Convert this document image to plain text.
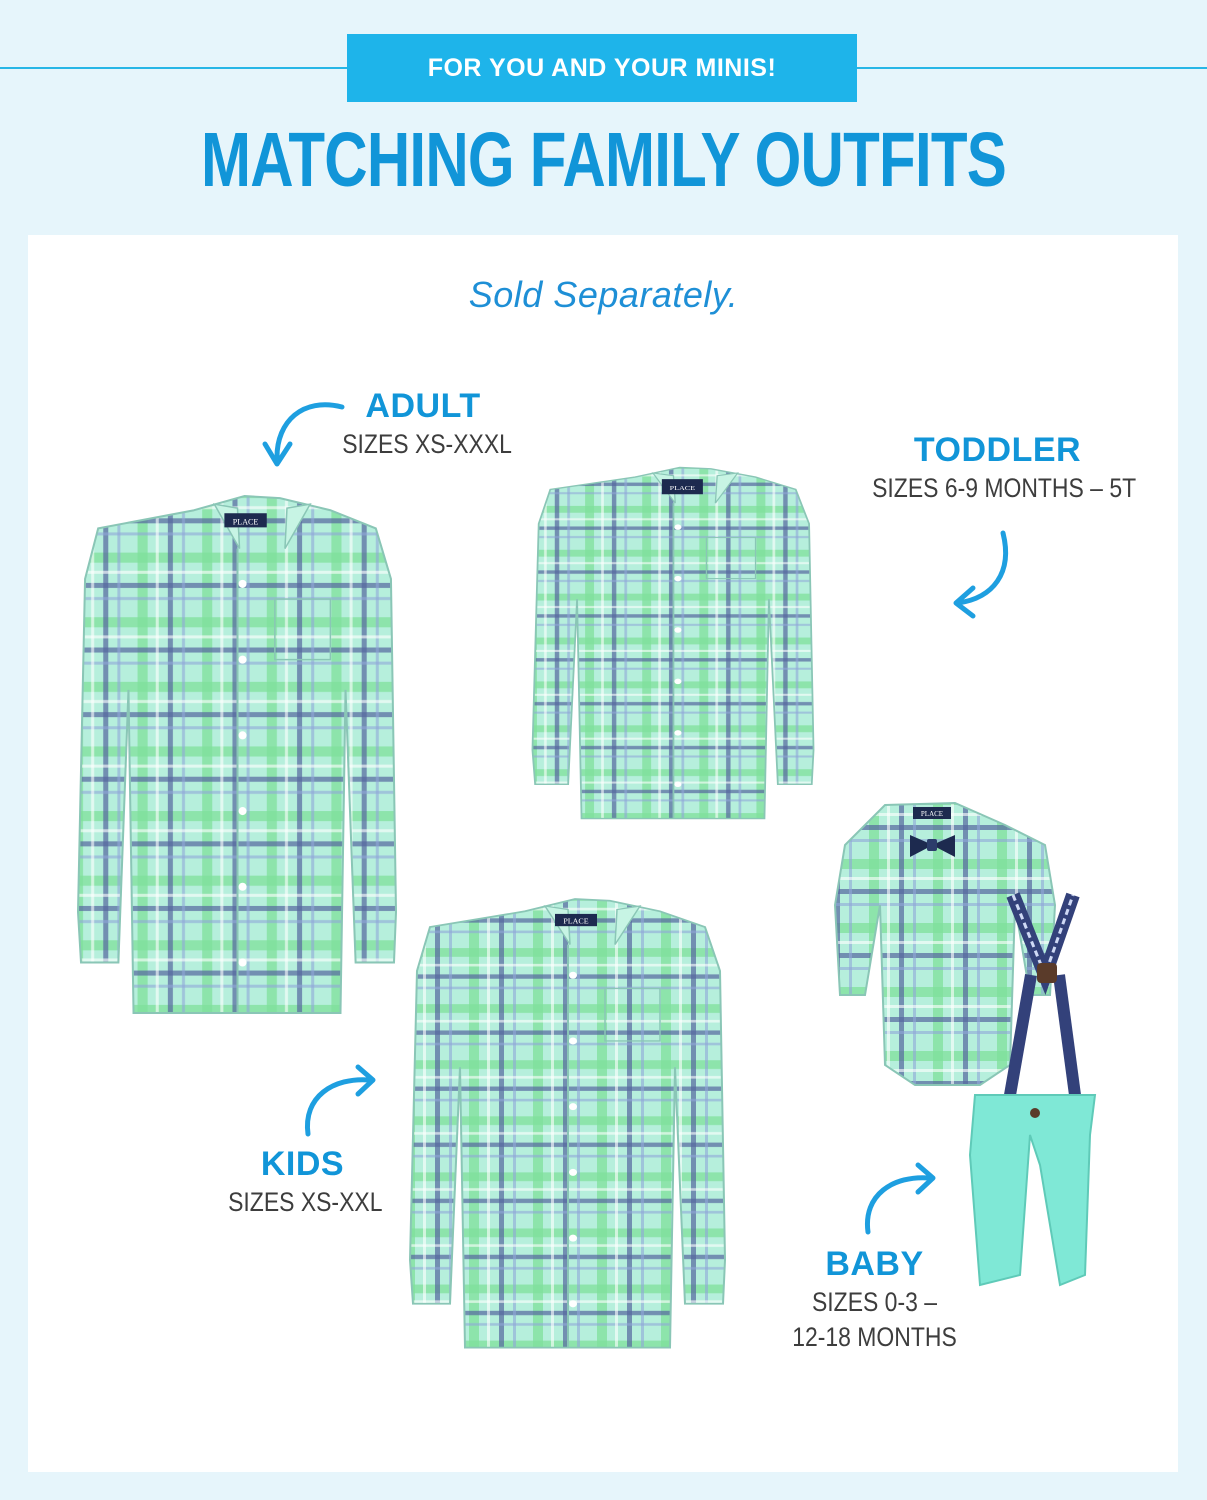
FOR YOU AND YOUR MINIS!
MATCHING FAMILY OUTFITS
Sold Separately.
PLACE
PLACE
PLACE
PLACE
ADULT
SIZES XS-XXXL	TODDLER
SIZES 6-9 MONTHS – 5T
KIDS
SIZES XS-XXL
BABY
SIZES 0-3 –
12-18 MONTHS
